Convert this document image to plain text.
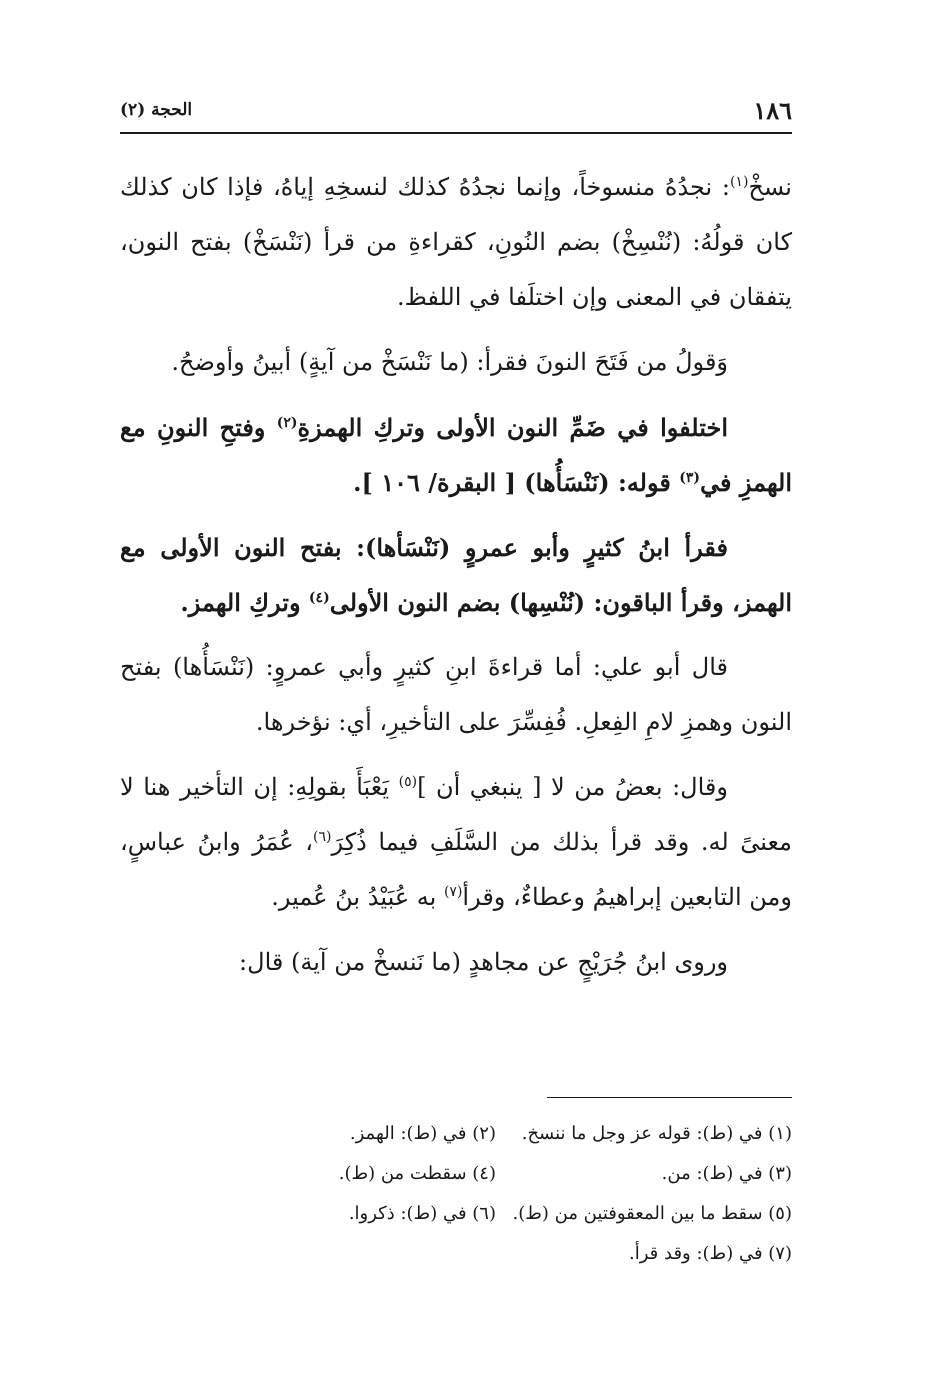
١٨٦
الحجة (٢)

نسخْ$^{(١)}$: نجدُهُ منسوخاً، وإنما نجدُهُ كذلك لنسخِهِ إياهُ، فإذا كان كذلك كان قولُهُ: (نُنْسِخْ) بضم النُونِ، كقراءةِ من قرأ (نَنْسَخْ) بفتح النون، يتفقان في المعنى وإن اختلَفا في اللفظ.

وَقولُ من فَتَحَ النونَ فقرأ: (ما نَنْسَخْ من آيةٍ) أبينُ وأوضحُ.

اختلفوا في ضَمِّ النون الأولى وتركِ الهمزةِ$^{(٢)}$ وفتحِ النونِ مع الهمزِ في$^{(٣)}$ قوله: (نَنْسَأُها) [ البقرة/ ١٠٦ ].

فقرأ ابنُ كثيرٍ وأبو عمروٍ (نَنْسَأها): بفتح النون الأولى مع الهمز، وقرأ الباقون: (نُنْسِها) بضم النون الأولى$^{(٤)}$ وتركِ الهمز.

قال أبو علي: أما قراءةَ ابنِ كثيرٍ وأبي عمروٍ: (نَنْسَأُها) بفتح النون وهمزِ لامِ الفِعلِ. فُفِسِّرَ على التأخيرِ، أي: نؤخرها.

وقال: بعضُ من لا [ ينبغي أن ]$^{(٥)}$ يَعْبَأَ بقولِهِ: إن التأخير هنا لا معنىً له. وقد قرأ بذلك من السَّلَفِ فيما ذُكِرَ$^{(٦)}$، عُمَرُ وابنُ عباسٍ، ومن التابعين إبراهيمُ وعطاءٌ، وقرأ$^{(٧)}$ به عُبَيْدُ بنُ عُمير.

وروى ابنُ جُرَيْجٍ عن مجاهدٍ (ما نَنسخْ من آية) قال:

(١) في (ط): قوله عز وجل ما ننسخ.
(٢) في (ط): الهمز.
(٣) في (ط): من.
(٤) سقطت من (ط).
(٥) سقط ما بين المعقوفتين من (ط).
(٦) في (ط): ذكروا.
(٧) في (ط): وقد قرأ.
